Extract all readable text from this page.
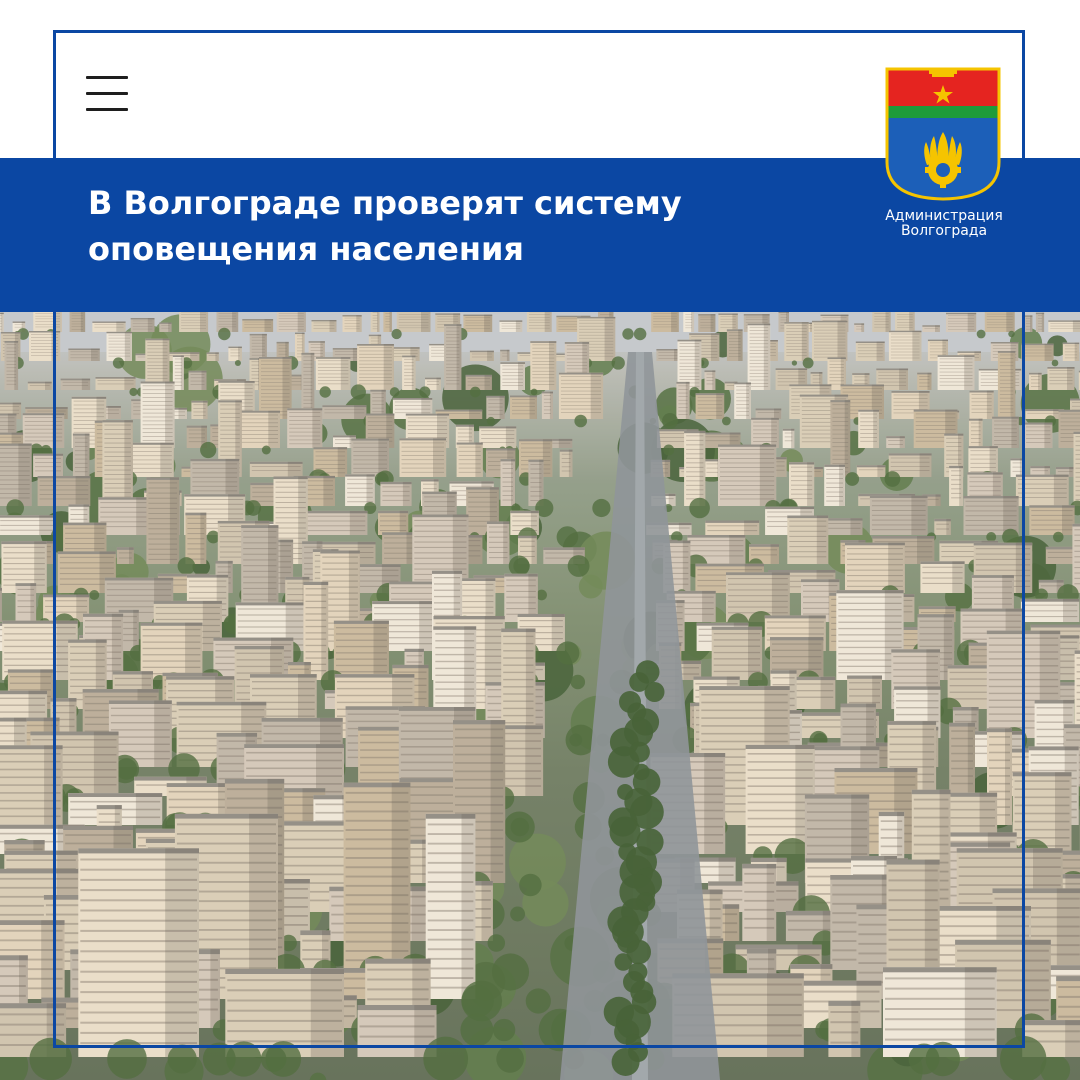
В Волгограде проверят систему
оповещения населения
Администрация
Волгограда
